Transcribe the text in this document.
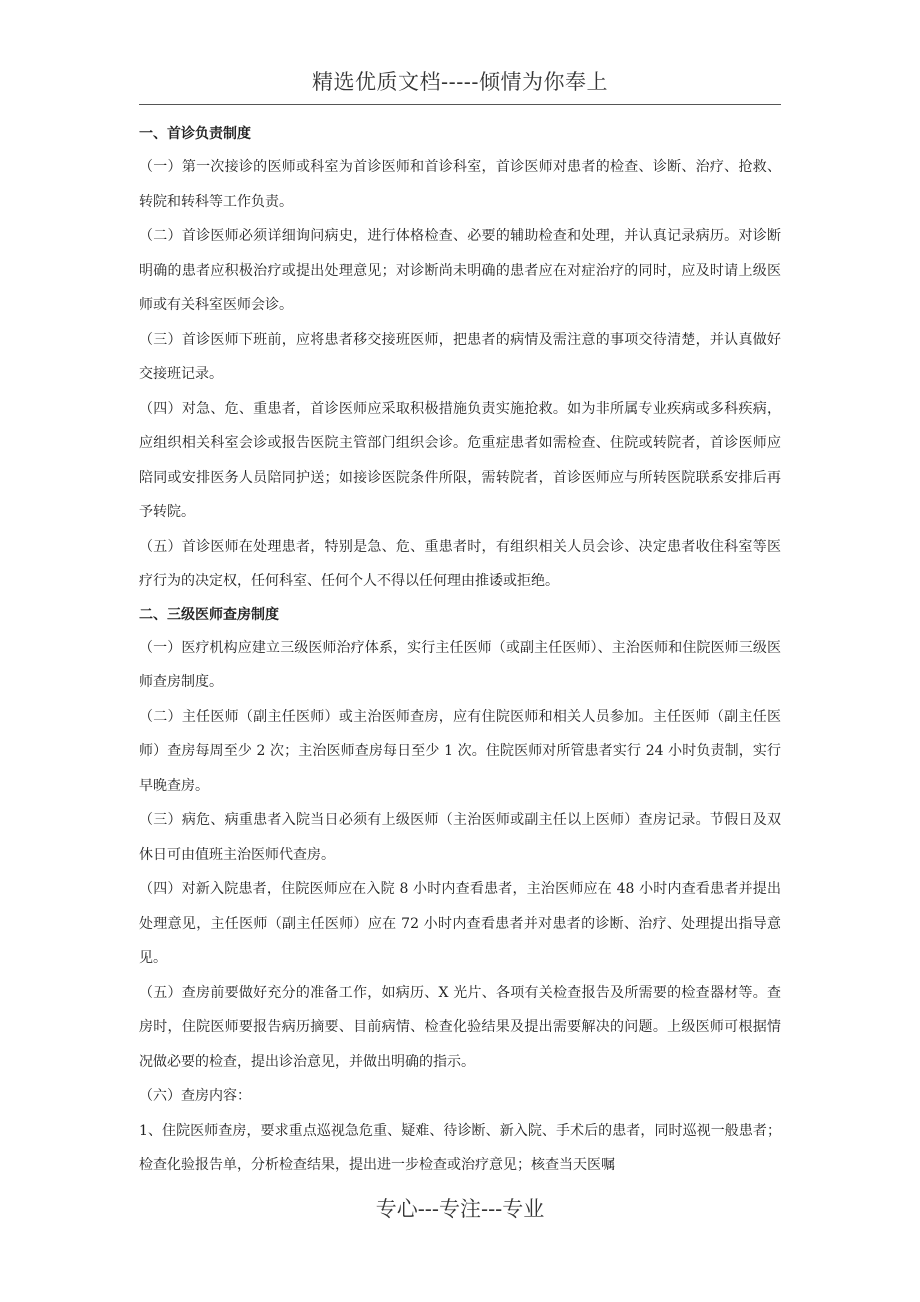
精选优质文档-----倾情为你奉上

一、首诊负责制度

（一）第一次接诊的医师或科室为首诊医师和首诊科室，首诊医师对患者的检查、诊断、治疗、抢救、转院和转科等工作负责。

（二）首诊医师必须详细询问病史，进行体格检查、必要的辅助检查和处理，并认真记录病历。对诊断明确的患者应积极治疗或提出处理意见；对诊断尚未明确的患者应在对症治疗的同时，应及时请上级医师或有关科室医师会诊。

（三）首诊医师下班前，应将患者移交接班医师，把患者的病情及需注意的事项交待清楚，并认真做好交接班记录。

（四）对急、危、重患者，首诊医师应采取积极措施负责实施抢救。如为非所属专业疾病或多科疾病，应组织相关科室会诊或报告医院主管部门组织会诊。危重症患者如需检查、住院或转院者，首诊医师应陪同或安排医务人员陪同护送；如接诊医院条件所限，需转院者，首诊医师应与所转医院联系安排后再予转院。

（五）首诊医师在处理患者，特别是急、危、重患者时，有组织相关人员会诊、决定患者收住科室等医疗行为的决定权，任何科室、任何个人不得以任何理由推诿或拒绝。

二、三级医师查房制度

（一）医疗机构应建立三级医师治疗体系，实行主任医师（或副主任医师）、主治医师和住院医师三级医师查房制度。

（二）主任医师（副主任医师）或主治医师查房，应有住院医师和相关人员参加。主任医师（副主任医师）查房每周至少 2 次；主治医师查房每日至少 1 次。住院医师对所管患者实行 24 小时负责制，实行早晚查房。

（三）病危、病重患者入院当日必须有上级医师（主治医师或副主任以上医师）查房记录。节假日及双休日可由值班主治医师代查房。

（四）对新入院患者，住院医师应在入院 8 小时内查看患者，主治医师应在 48 小时内查看患者并提出处理意见，主任医师（副主任医师）应在 72 小时内查看患者并对患者的诊断、治疗、处理提出指导意见。

（五）查房前要做好充分的准备工作，如病历、X 光片、各项有关检查报告及所需要的检查器材等。查房时，住院医师要报告病历摘要、目前病情、检查化验结果及提出需要解决的问题。上级医师可根据情况做必要的检查，提出诊治意见，并做出明确的指示。

（六）查房内容：

1、住院医师查房，要求重点巡视急危重、疑难、待诊断、新入院、手术后的患者，同时巡视一般患者；检查化验报告单，分析检查结果，提出进一步检查或治疗意见；核查当天医嘱

专心---专注---专业
